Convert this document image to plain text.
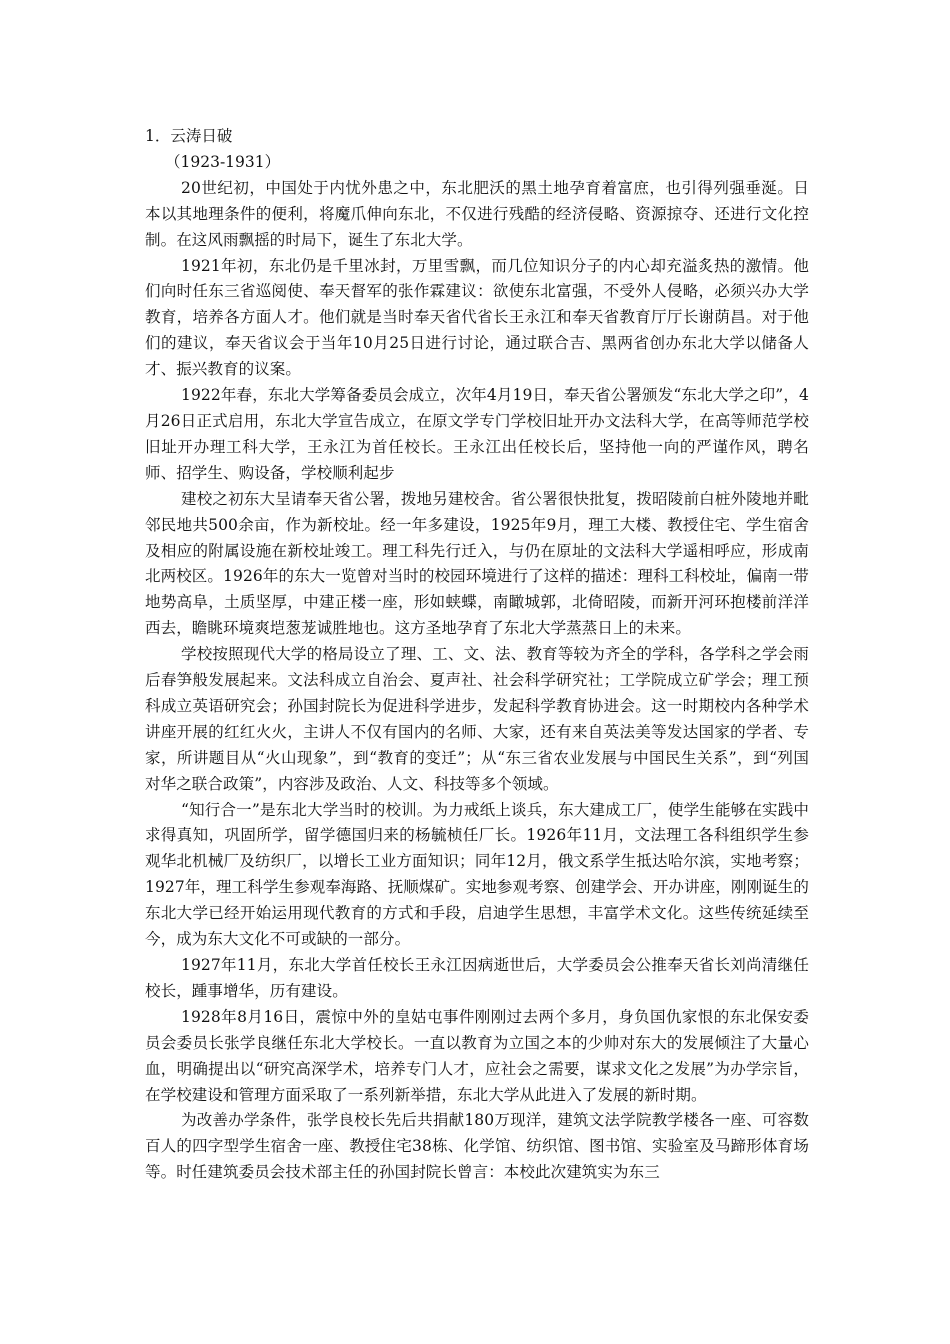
1．云涛日破

（1923-1931）

20世纪初，中国处于内忧外患之中，东北肥沃的黑土地孕育着富庶，也引得列强垂涎。日本以其地理条件的便利，将魔爪伸向东北，不仅进行残酷的经济侵略、资源掠夺、还进行文化控制。在这风雨飘摇的时局下，诞生了东北大学。

1921年初，东北仍是千里冰封，万里雪飘，而几位知识分子的内心却充溢炙热的激情。他们向时任东三省巡阅使、奉天督军的张作霖建议：欲使东北富强，不受外人侵略，必须兴办大学教育，培养各方面人才。他们就是当时奉天省代省长王永江和奉天省教育厅厅长谢荫昌。对于他们的建议，奉天省议会于当年10月25日进行讨论，通过联合吉、黑两省创办东北大学以储备人才、振兴教育的议案。

1922年春，东北大学筹备委员会成立，次年4月19日，奉天省公署颁发“东北大学之印”，4月26日正式启用，东北大学宣告成立，在原文学专门学校旧址开办文法科大学，在高等师范学校旧址开办理工科大学，王永江为首任校长。王永江出任校长后，坚持他一向的严谨作风，聘名师、招学生、购设备，学校顺利起步

建校之初东大呈请奉天省公署，拨地另建校舍。省公署很快批复，拨昭陵前白桩外陵地并毗邻民地共500余亩，作为新校址。经一年多建设，1925年9月，理工大楼、教授住宅、学生宿舍及相应的附属设施在新校址竣工。理工科先行迁入，与仍在原址的文法科大学遥相呼应，形成南北两校区。1926年的东大一览曾对当时的校园环境进行了这样的描述：理科工科校址，偏南一带地势高阜，土质坚厚，中建正楼一座，形如蛱蝶，南瞰城郭，北倚昭陵，而新开河环抱楼前洋洋西去，瞻眺环境爽垲葱茏诚胜地也。这方圣地孕育了东北大学蒸蒸日上的未来。

学校按照现代大学的格局设立了理、工、文、法、教育等较为齐全的学科，各学科之学会雨后春笋般发展起来。文法科成立自治会、夏声社、社会科学研究社；工学院成立矿学会；理工预科成立英语研究会；孙国封院长为促进科学进步，发起科学教育协进会。这一时期校内各种学术讲座开展的红红火火，主讲人不仅有国内的名师、大家，还有来自英法美等发达国家的学者、专家，所讲题目从“火山现象”，到“教育的变迁”；从“东三省农业发展与中国民生关系”，到“列国对华之联合政策”，内容涉及政治、人文、科技等多个领域。

“知行合一”是东北大学当时的校训。为力戒纸上谈兵，东大建成工厂，使学生能够在实践中求得真知，巩固所学，留学德国归来的杨毓桢任厂长。1926年11月，文法理工各科组织学生参观华北机械厂及纺织厂，以增长工业方面知识；同年12月，俄文系学生抵达哈尔滨，实地考察；1927年，理工科学生参观奉海路、抚顺煤矿。实地参观考察、创建学会、开办讲座，刚刚诞生的东北大学已经开始运用现代教育的方式和手段，启迪学生思想，丰富学术文化。这些传统延续至今，成为东大文化不可或缺的一部分。

1927年11月，东北大学首任校长王永江因病逝世后，大学委员会公推奉天省长刘尚清继任校长，踵事增华，历有建设。

1928年8月16日，震惊中外的皇姑屯事件刚刚过去两个多月，身负国仇家恨的东北保安委员会委员长张学良继任东北大学校长。一直以教育为立国之本的少帅对东大的发展倾注了大量心血，明确提出以“研究高深学术，培养专门人才，应社会之需要，谋求文化之发展”为办学宗旨，在学校建设和管理方面采取了一系列新举措，东北大学从此进入了发展的新时期。

为改善办学条件，张学良校长先后共捐献180万现洋，建筑文法学院教学楼各一座、可容数百人的四字型学生宿舍一座、教授住宅38栋、化学馆、纺织馆、图书馆、实验室及马蹄形体育场等。时任建筑委员会技术部主任的孙国封院长曾言：本校此次建筑实为东三
